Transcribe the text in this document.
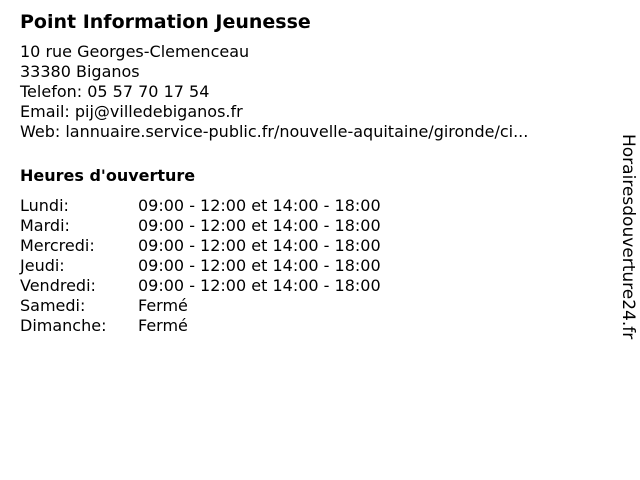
Point Information Jeunesse
10 rue Georges-Clemenceau
33380 Biganos
Telefon: 05 57 70 17 54
Email: pij@villedebiganos.fr
Web: lannuaire.service-public.fr/nouvelle-aquitaine/gironde/ci...
Heures d'ouverture
Lundi:	09:00 - 12:00 et 14:00 - 18:00
Mardi:	09:00 - 12:00 et 14:00 - 18:00
Mercredi:	09:00 - 12:00 et 14:00 - 18:00
Jeudi:	09:00 - 12:00 et 14:00 - 18:00
Vendredi:	09:00 - 12:00 et 14:00 - 18:00
Samedi:	Fermé
Dimanche:	Fermé	Horairesdouverture24.fr
